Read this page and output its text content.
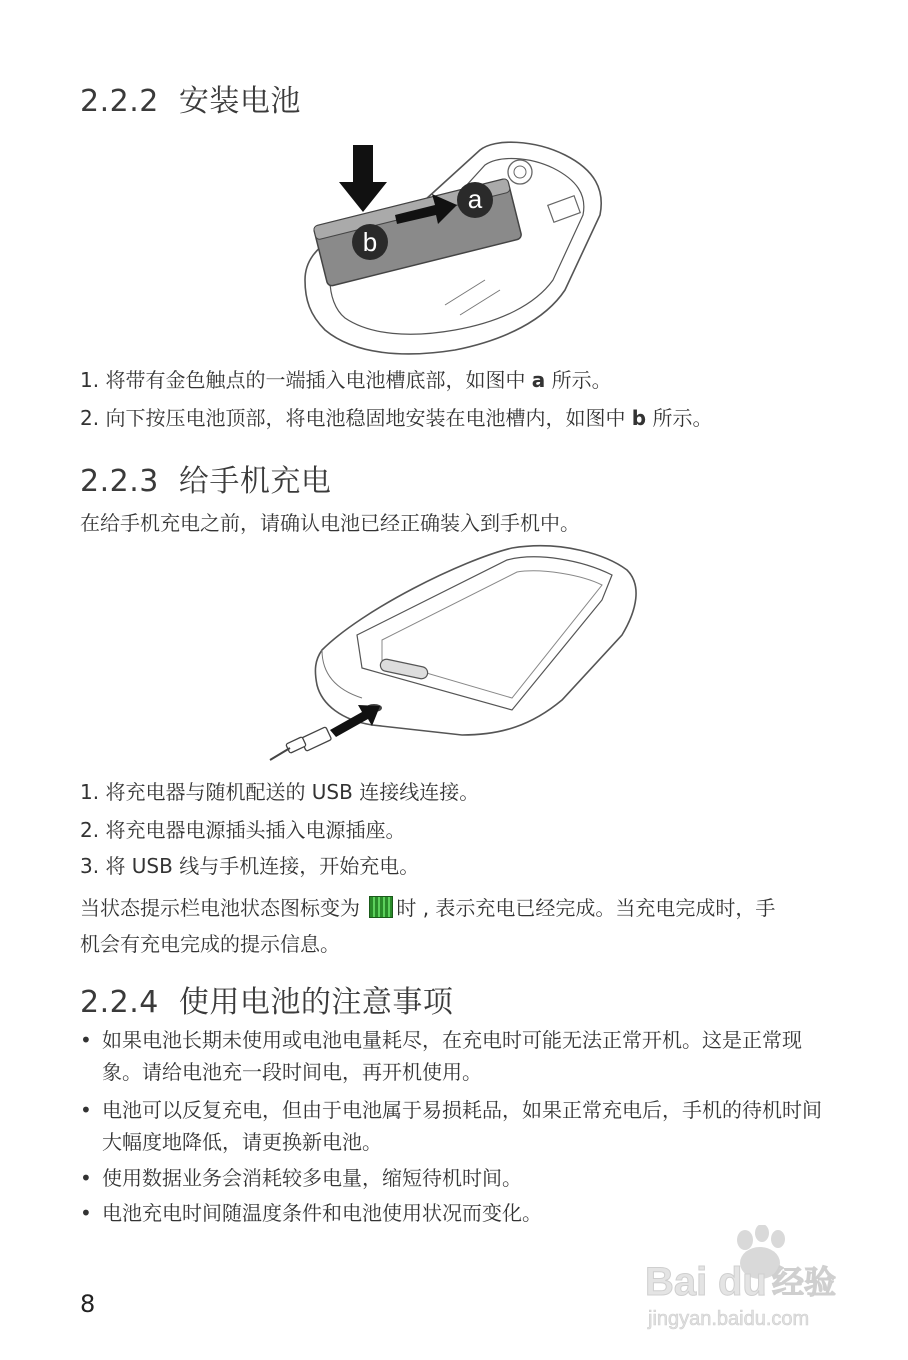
2.2.2 安装电池
a
b
1. 将带有金色触点的一端插入电池槽底部，如图中 a 所示。
2. 向下按压电池顶部，将电池稳固地安装在电池槽内，如图中 b 所示。
2.2.3 给手机充电
在给手机充电之前，请确认电池已经正确装入到手机中。
1. 将充电器与随机配送的 USB 连接线连接。
2. 将充电器电源插头插入电源插座。
3. 将 USB 线与手机连接，开始充电。
当状态提示栏电池状态图标变为 时 , 表示充电已经完成。当充电完成时，手
机会有充电完成的提示信息。
2.2.4 使用电池的注意事项
• 如果电池长期未使用或电池电量耗尽，在充电时可能无法正常开机。这是正常现象。请给电池充一段时间电，再开机使用。
• 电池可以反复充电，但由于电池属于易损耗品，如果正常充电后，手机的待机时间大幅度地降低，请更换新电池。
• 使用数据业务会消耗较多电量，缩短待机时间。
• 电池充电时间随温度条件和电池使用状况而变化。
8	Bai du 经验
jingyan.baidu.com
